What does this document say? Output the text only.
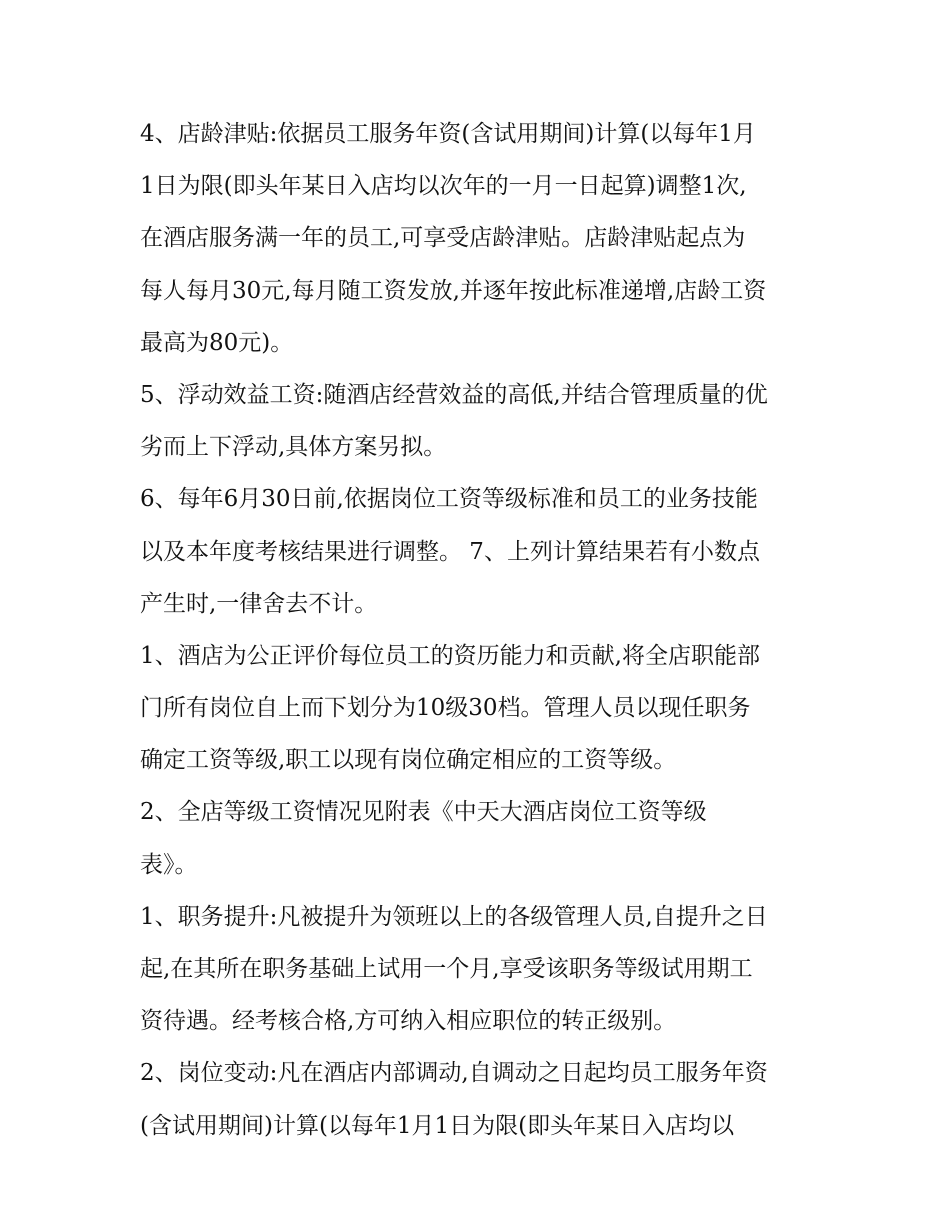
4、店龄津贴:依据员工服务年资(含试用期间)计算(以每年1月
1日为限(即头年某日入店均以次年的一月一日起算)调整1次,
在酒店服务满一年的员工,可享受店龄津贴。店龄津贴起点为
每人每月30元,每月随工资发放,并逐年按此标准递增,店龄工资
最高为80元)。
5、浮动效益工资:随酒店经营效益的高低,并结合管理质量的优
劣而上下浮动,具体方案另拟。
6、每年6月30日前,依据岗位工资等级标准和员工的业务技能
以及本年度考核结果进行调整。 7、上列计算结果若有小数点
产生时,一律舍去不计。
1、酒店为公正评价每位员工的资历能力和贡献,将全店职能部
门所有岗位自上而下划分为10级30档。管理人员以现任职务
确定工资等级,职工以现有岗位确定相应的工资等级。
2、全店等级工资情况见附表《中天大酒店岗位工资等级
表》。
1、职务提升:凡被提升为领班以上的各级管理人员,自提升之日
起,在其所在职务基础上试用一个月,享受该职务等级试用期工
资待遇。经考核合格,方可纳入相应职位的转正级别。
2、岗位变动:凡在酒店内部调动,自调动之日起均员工服务年资
(含试用期间)计算(以每年1月1日为限(即头年某日入店均以
